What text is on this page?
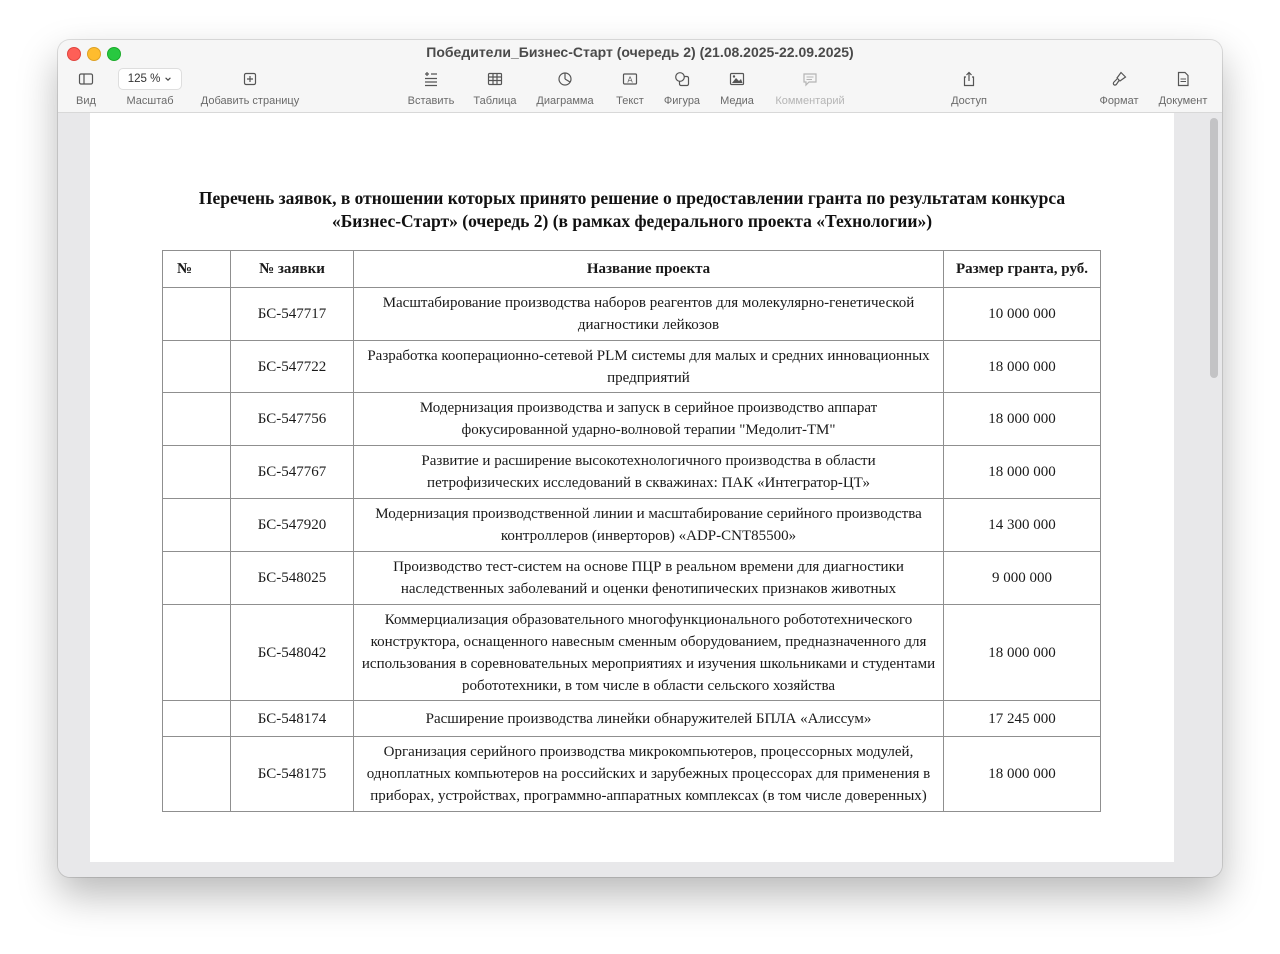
Победители_Бизнес-Старт (очередь 2) (21.08.2025-22.09.2025)
Вид
125 %
Масштаб	Добавить страницу	Вставить	Таблица	Диаграмма
A
Текст	Фигура	Медиа	Комментарий	Доступ	Формат	Документ
Перечень заявок, в отношении которых принято решение о предоставлении гранта по результатам конкурса
«Бизнес-Старт» (очередь 2) (в рамках федерального проекта «Технологии»)
№	№ заявки	Название проекта	Размер гранта, руб.
	БС-547717	Масштабирование производства наборов реагентов для молекулярно-генетической диагностики лейкозов	10 000 000
	БС-547722	Разработка кооперационно-сетевой PLM системы для малых и средних инновационных предприятий	18 000 000
	БС-547756	Модернизация производства и запуск в серийное производство аппарат фокусированной ударно-волновой терапии "Медолит-ТМ"	18 000 000
	БС-547767	Развитие и расширение высокотехнологичного производства в области петрофизических исследований в скважинах: ПАК «Интегратор-ЦТ»	18 000 000
	БС-547920	Модернизация производственной линии и масштабирование серийного производства контроллеров (инверторов) «ADP-CNT85500»	14 300 000
	БС-548025	Производство тест-систем на основе ПЦР в реальном времени для диагностики наследственных заболеваний и оценки фенотипических признаков животных	9 000 000
	БС-548042	Коммерциализация образовательного многофункционального робототехнического конструктора, оснащенного навесным сменным оборудованием, предназначенного для использования в соревновательных мероприятиях и изучения школьниками и студентами робототехники, в том числе в области сельского хозяйства	18 000 000
	БС-548174	Расширение производства линейки обнаружителей БПЛА «Алиссум»	17 245 000
	БС-548175	Организация серийного производства микрокомпьютеров, процессорных модулей, одноплатных компьютеров на российских и зарубежных процессорах для применения в приборах, устройствах, программно-аппаратных комплексах (в том числе доверенных)	18 000 000
